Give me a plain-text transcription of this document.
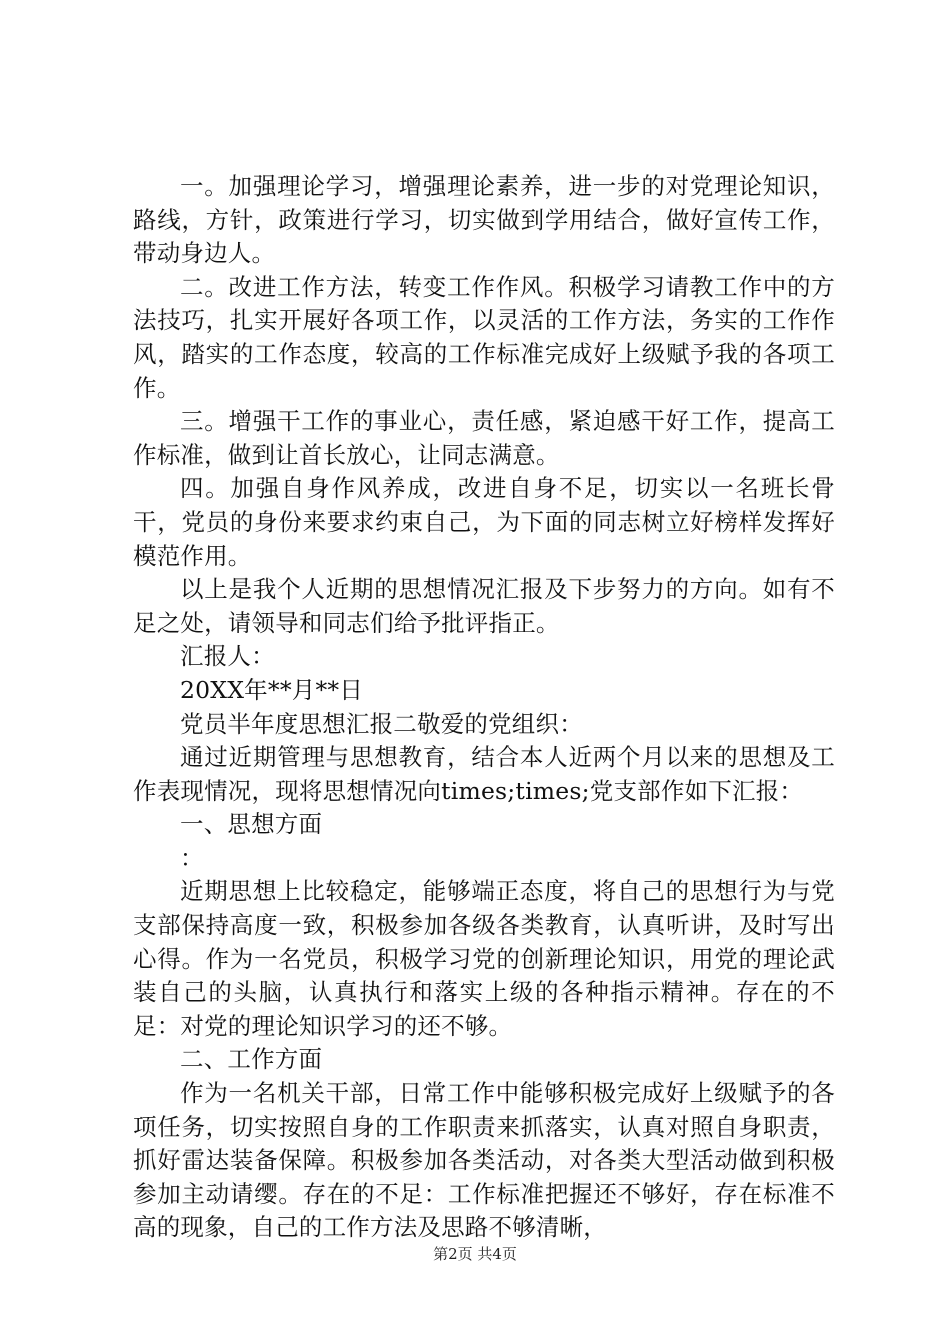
一。加强理论学习，增强理论素养，进一步的对党理论知识，路线，方针，政策进行学习，切实做到学用结合，做好宣传工作，带动身边人。

二。改进工作方法，转变工作作风。积极学习请教工作中的方法技巧，扎实开展好各项工作，以灵活的工作方法，务实的工作作风，踏实的工作态度，较高的工作标准完成好上级赋予我的各项工作。

三。增强干工作的事业心，责任感，紧迫感干好工作，提高工作标准，做到让首长放心，让同志满意。

四。加强自身作风养成，改进自身不足，切实以一名班长骨干，党员的身份来要求约束自己，为下面的同志树立好榜样发挥好模范作用。

以上是我个人近期的思想情况汇报及下步努力的方向。如有不足之处，请领导和同志们给予批评指正。

汇报人：

20XX年**月**日

党员半年度思想汇报二敬爱的党组织：

通过近期管理与思想教育，结合本人近两个月以来的思想及工作表现情况，现将思想情况向times;times;党支部作如下汇报：

一、思想方面

：

近期思想上比较稳定，能够端正态度，将自己的思想行为与党支部保持高度一致，积极参加各级各类教育，认真听讲，及时写出心得。作为一名党员，积极学习党的创新理论知识，用党的理论武装自己的头脑，认真执行和落实上级的各种指示精神。存在的不足：对党的理论知识学习的还不够。

二、工作方面

作为一名机关干部，日常工作中能够积极完成好上级赋予的各项任务，切实按照自身的工作职责来抓落实，认真对照自身职责，抓好雷达装备保障。积极参加各类活动，对各类大型活动做到积极参加主动请缨。存在的不足：工作标准把握还不够好，存在标准不高的现象，自己的工作方法及思路不够清晰，

第2页 共4页
